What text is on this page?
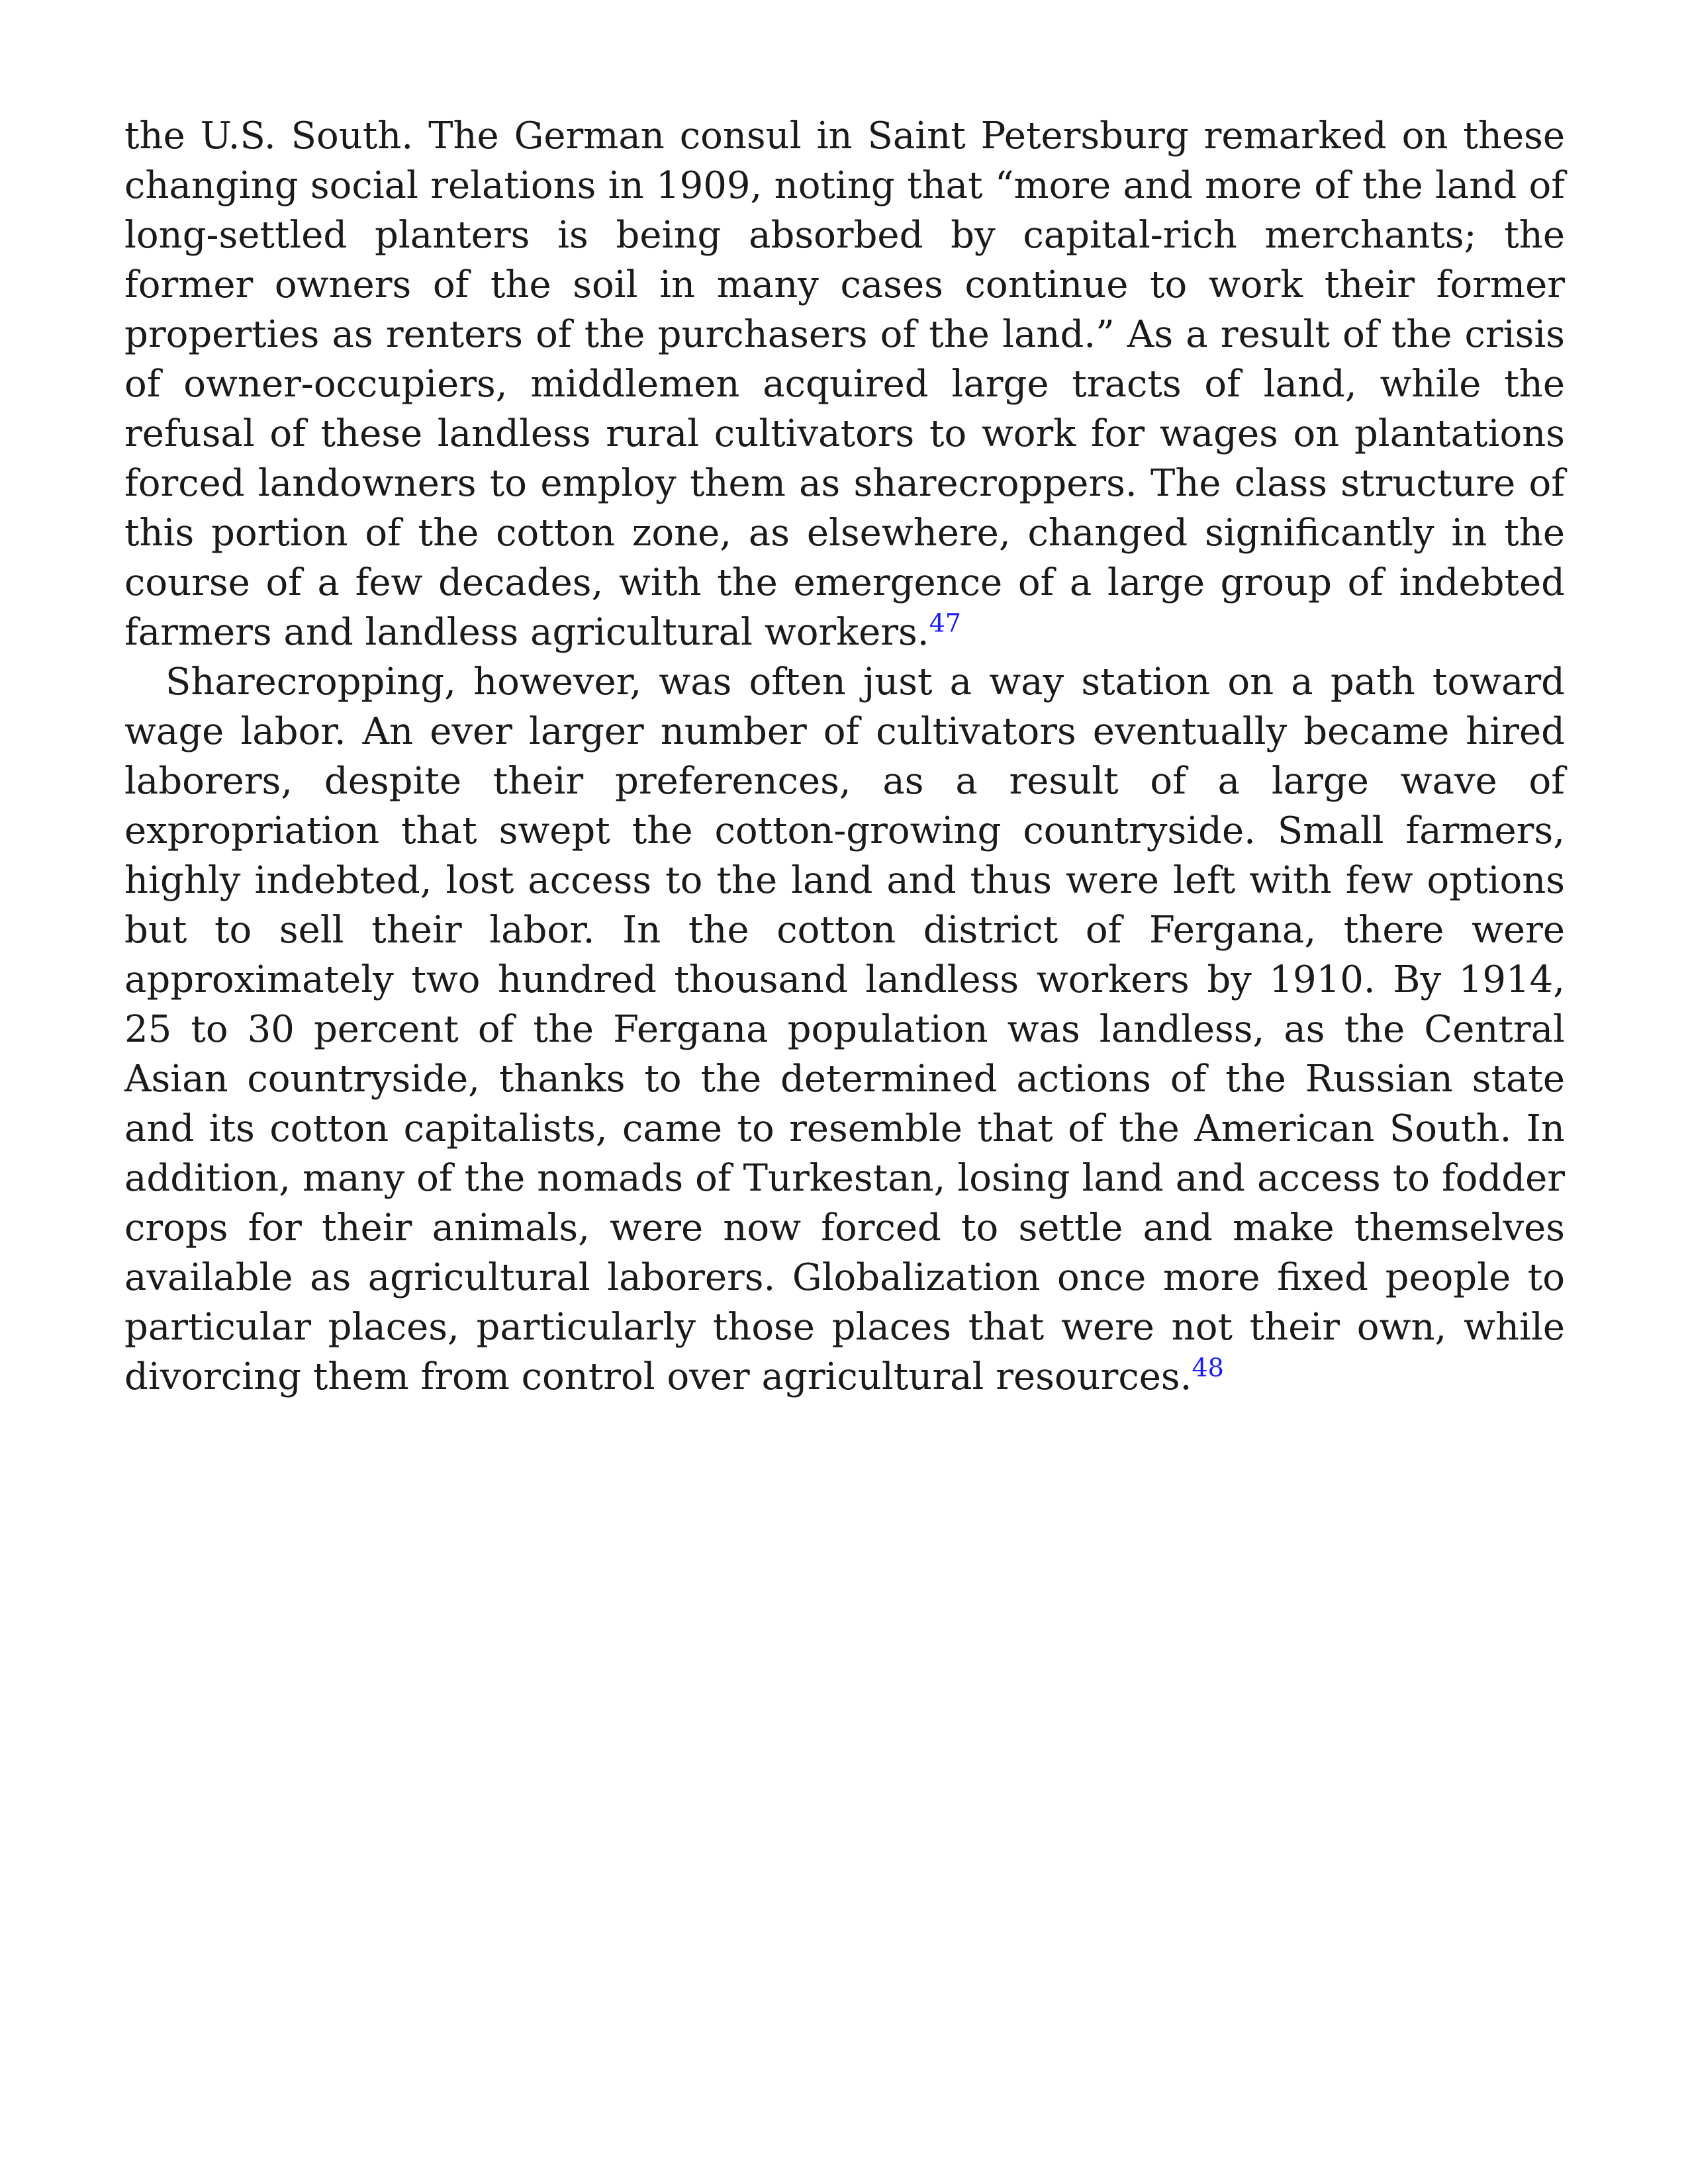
the U.S. South. The German consul in Saint Petersburg remarked on these changing social relations in 1909, noting that “more and more of the land of long-settled planters is being absorbed by capital-rich merchants; the former owners of the soil in many cases continue to work their former properties as renters of the purchasers of the land.” As a result of the crisis of owner-occupiers, middlemen acquired large tracts of land, while the refusal of these landless rural cultivators to work for wages on plantations forced landowners to employ them as sharecroppers. The class structure of this portion of the cotton zone, as elsewhere, changed significantly in the course of a few decades, with the emergence of a large group of indebted farmers and landless agricultural workers.$^{47}$

Sharecropping, however, was often just a way station on a path toward wage labor. An ever larger number of cultivators eventually became hired laborers, despite their preferences, as a result of a large wave of expropriation that swept the cotton-growing countryside. Small farmers, highly indebted, lost access to the land and thus were left with few options but to sell their labor. In the cotton district of Fergana, there were approximately two hundred thousand landless workers by 1910. By 1914, 25 to 30 percent of the Fergana population was landless, as the Central Asian countryside, thanks to the determined actions of the Russian state and its cotton capitalists, came to resemble that of the American South. In addition, many of the nomads of Turkestan, losing land and access to fodder crops for their animals, were now forced to settle and make themselves available as agricultural laborers. Globalization once more fixed people to particular places, particularly those places that were not their own, while divorcing them from control over agricultural resources.$^{48}$
